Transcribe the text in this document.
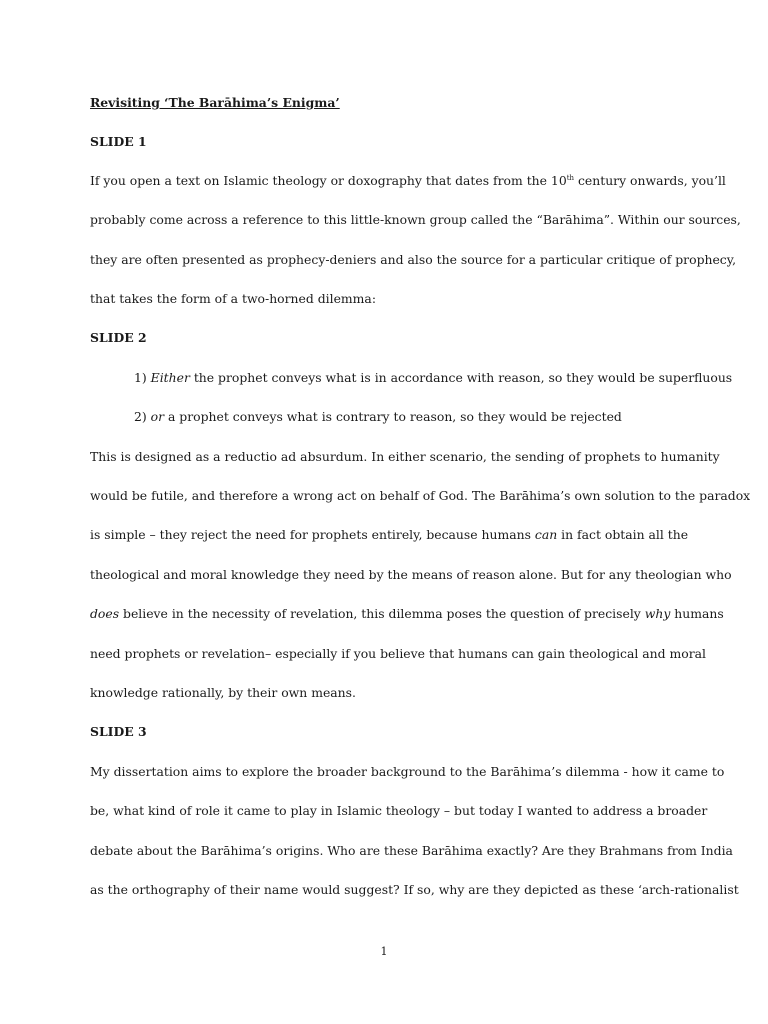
Revisiting ‘The Barāhima’s Enigma’
SLIDE 1
If you open a text on Islamic theology or doxography that dates from the 10th century onwards, you’ll
probably come across a reference to this little-known group called the “Barāhima”. Within our sources,
they are often presented as prophecy-deniers and also the source for a particular critique of prophecy,
that takes the form of a two-horned dilemma:
SLIDE 2
1) Either the prophet conveys what is in accordance with reason, so they would be superfluous
2) or a prophet conveys what is contrary to reason, so they would be rejected
This is designed as a reductio ad absurdum. In either scenario, the sending of prophets to humanity
would be futile, and therefore a wrong act on behalf of God. The Barāhima’s own solution to the paradox
is simple – they reject the need for prophets entirely, because humans can in fact obtain all the
theological and moral knowledge they need by the means of reason alone. But for any theologian who
does believe in the necessity of revelation, this dilemma poses the question of precisely why humans
need prophets or revelation– especially if you believe that humans can gain theological and moral
knowledge rationally, by their own means.
SLIDE 3
My dissertation aims to explore the broader background to the Barāhima’s dilemma - how it came to
be, what kind of role it came to play in Islamic theology – but today I wanted to address a broader
debate about the Barāhima’s origins. Who are these Barāhima exactly? Are they Brahmans from India
as the orthography of their name would suggest? If so, why are they depicted as these ‘arch-rationalist
1
